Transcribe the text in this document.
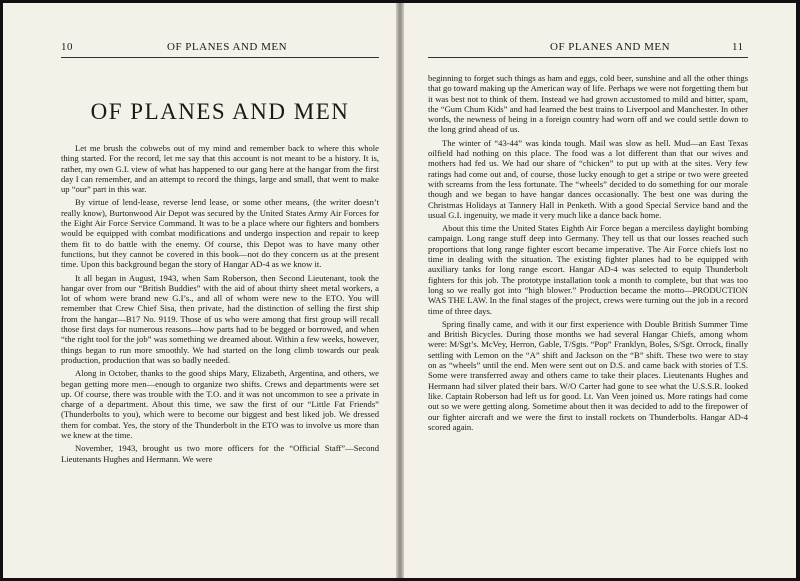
10	OF PLANES AND MEN
OF PLANES AND MEN

Let me brush the cobwebs out of my mind and remember back to where this whole thing started. For the record, let me say that this account is not meant to be a history. It is, rather, my own G.I. view of what has happened to our gang here at the hangar from the first day I can remember, and an attempt to record the things, large and small, that went to make up “our” part in this war.

By virtue of lend-lease, reverse lend lease, or some other means, (the writer doesn’t really know), Burtonwood Air Depot was secured by the United States Army Air Forces for the Eight Air Force Service Command. It was to be a place where our fighters and bombers would be equipped with combat modifications and undergo inspection and repair to keep them fit to do battle with the enemy. Of course, this Depot was to have many other functions, but they cannot be covered in this book—not do they concern us at the present time. Upon this background began the story of Hangar AD-4 as we know it.

It all began in August, 1943, when Sam Roberson, then Second Lieutenant, took the hangar over from our “British Buddies” with the aid of about thirty sheet metal workers, a lot of whom were brand new G.I’s., and all of whom were new to the ETO. You will remember that Crew Chief Sisa, then private, had the distinction of selling the first ship from the hangar—B17 No. 9119. Those of us who were among that first group will recall those first days for numerous reasons—how parts had to be begged or borrowed, and when “the right tool for the job” was something we dreamed about. Within a few weeks, however, things began to run more smoothly. We had started on the long climb towards our peak production, production that was so badly needed.

Along in October, thanks to the good ships Mary, Elizabeth, Argentina, and others, we began getting more men—enough to organize two shifts. Crews and departments were set up. Of course, there was trouble with the T.O. and it was not uncommon to see a private in charge of a department. About this time, we saw the first of our “Little Fat Friends” (Thunderbolts to you), which were to become our biggest and best liked job. We dressed them for combat. Yes, the story of the Thunderbolt in the ETO was to involve us more than we knew at the time.

November, 1943, brought us two more officers for the “Official Staff”—Second Lieutenants Hughes and Hermann. We were

OF PLANES AND MEN	11

beginning to forget such things as ham and eggs, cold beer, sunshine and all the other things that go toward making up the American way of life. Perhaps we were not forgetting them but it was best not to think of them. Instead we had grown accustomed to mild and bitter, spam, the “Gum Chum Kids” and had learned the best trains to Liverpool and Manchester. In other words, the newness of being in a foreign country had worn off and we could settle down to the long grind ahead of us.

The winter of “43-44” was kinda tough. Mail was slow as hell. Mud—an East Texas oilfield had nothing on this place. The food was a lot different than that our wives and mothers had fed us. We had our share of “chicken” to put up with at the sites. Very few ratings had come out and, of course, those lucky enough to get a stripe or two were greeted with screams from the less fortunate. The “wheels” decided to do something for our morale though and we began to have hangar dances occasionally. The best one was during the Christmas Holidays at Tannery Hall in Penketh. With a good Special Service band and the usual G.I. ingenuity, we made it very much like a dance back home.

About this time the United States Eighth Air Force began a merciless daylight bombing campaign. Long range stuff deep into Germany. They tell us that our losses reached such proportions that long range fighter escort became imperative. The Air Force chiefs lost no time in dealing with the situation. The existing fighter planes had to be equipped with auxiliary tanks for long range escort. Hangar AD-4 was selected to equip Thunderbolt fighters for this job. The prototype installation took a month to complete, but that was too long so we really got into “high blower.” Production became the motto—PRODUCTION WAS THE LAW. In the final stages of the project, crews were turning out the job in a record time of three days.

Spring finally came, and with it our first experience with Double British Summer Time and British Bicycles. During those months we had several Hangar Chiefs, among whom were: M/Sgt’s. McVey, Herron, Gable, T/Sgts. “Pop” Franklyn, Boles, S/Sgt. Orrock, finally settling with Lemon on the “A” shift and Jackson on the “B” shift. These two were to stay on as “wheels” until the end. Men were sent out on D.S. and came back with stories of T.S. Some were transferred away and others came to take their places. Lieutenants Hughes and Hermann had silver plated their bars. W/O Carter had gone to see what the U.S.S.R. looked like. Captain Roberson had left us for good. Lt. Van Veen joined us. More ratings had come out so we were getting along. Sometime about then it was decided to add to the firepower of our fighter aircraft and we were the first to install rockets on Thunderbolts. Hangar AD-4 scored again.
